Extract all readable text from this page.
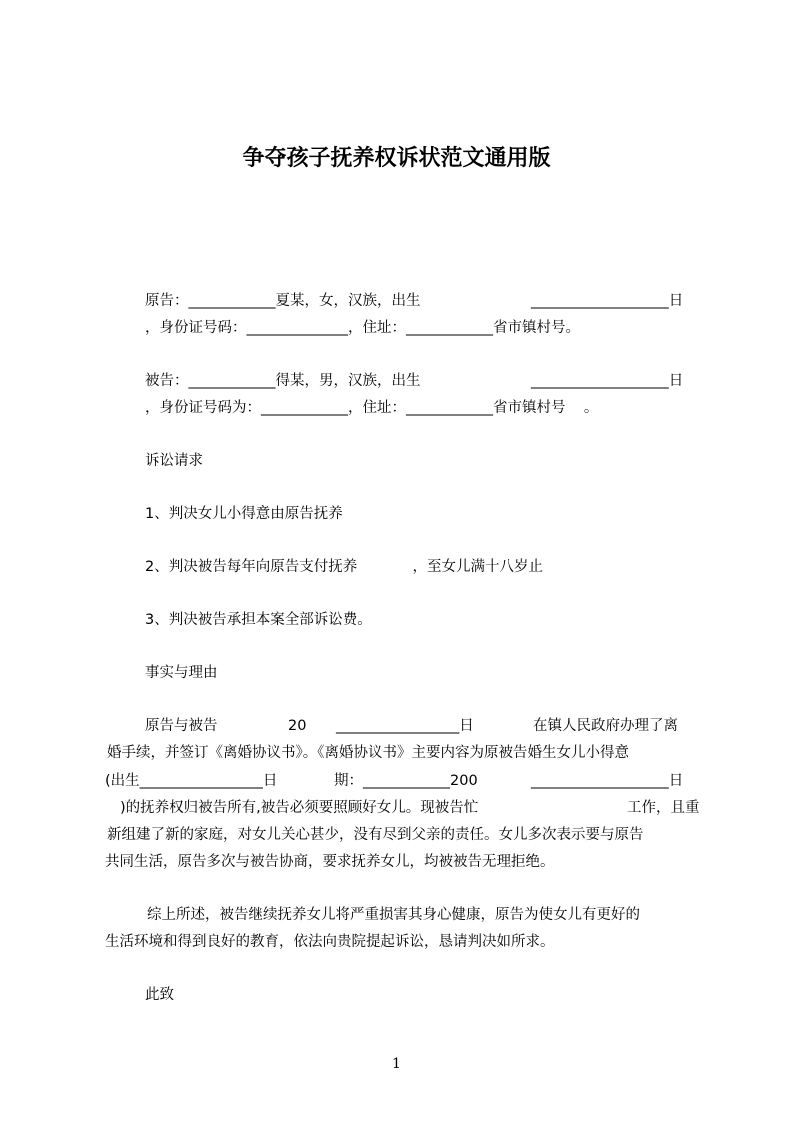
争夺孩子抚养权诉状范文通用版
原告：____________夏某，女，汉族，出生	___________________日
，身份证号码：______________，住址：____________省市镇村号。
被告：____________得某，男，汉族，出生	___________________日
，身份证号码为：____________，住址：____________省市镇村号    。
诉讼请求
1、判决女儿小得意由原告抚养
2、判决被告每年向原告支付抚养            ，至女儿满十八岁止
3、判决被告承担本案全部诉讼费。
事实与理由
原告与被告	20 _________________日	在镇人民政府办理了离
婚手续，并签订《离婚协议书》。《离婚协议书》主要内容为原被告婚生女儿小得意
(出生_________________日	期：____________200	___________________日
)的抚养权归被告所有,被告必须要照顾好女儿。现被告忙	工作，且重
新组建了新的家庭，对女儿关心甚少，没有尽到父亲的责任。女儿多次表示要与原告
共同生活，原告多次与被告协商，要求抚养女儿，均被被告无理拒绝。
综上所述，被告继续抚养女儿将严重损害其身心健康，原告为使女儿有更好的
生活环境和得到良好的教育，依法向贵院提起诉讼，恳请判决如所求。
此致
1
